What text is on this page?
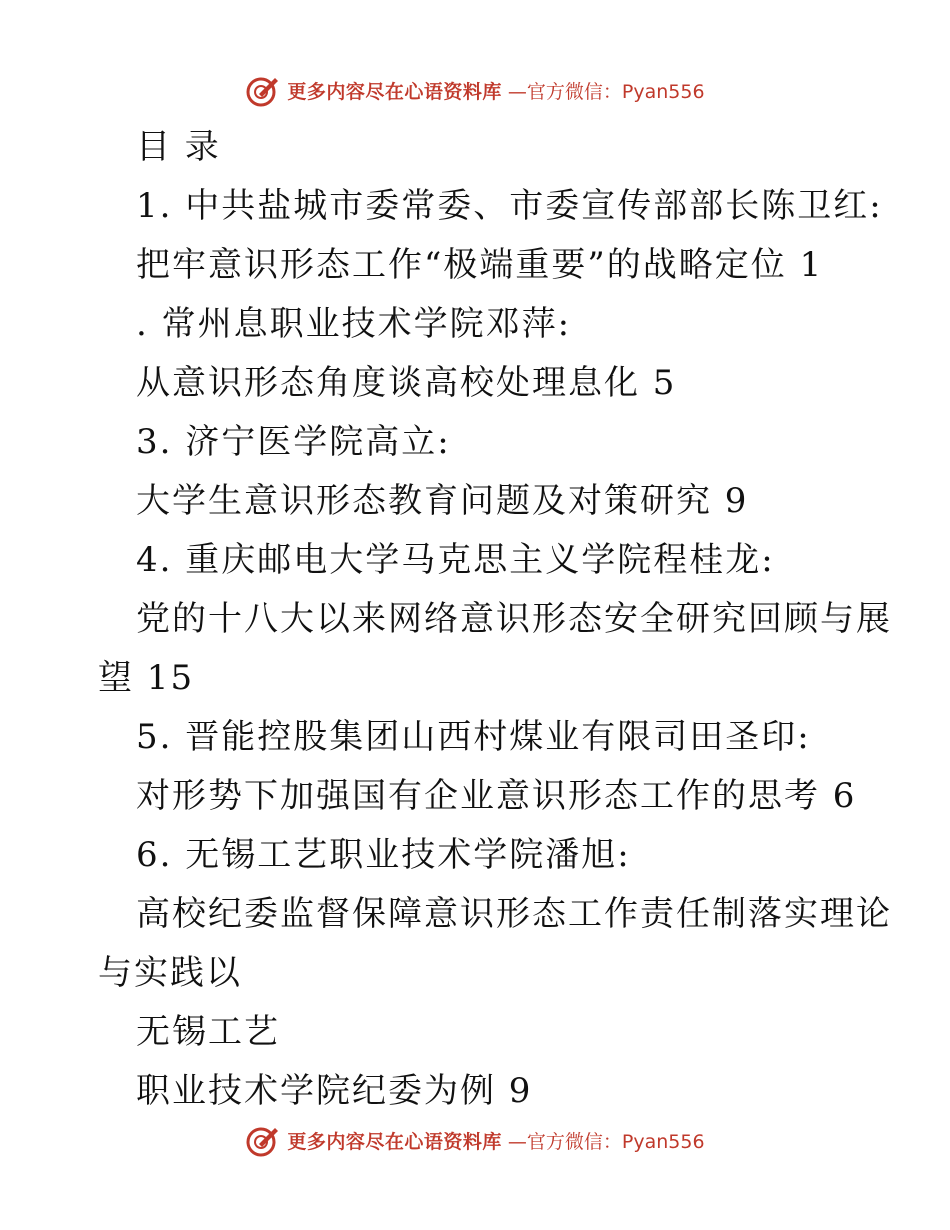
更多内容尽在心语资料库 —官方微信：Pyan556
目 录
1. 中共盐城市委常委、市委宣传部部长陈卫红:
把牢意识形态工作“极端重要”的战略定位 1
. 常州息职业技术学院邓萍:
从意识形态角度谈高校处理息化 5
3. 济宁医学院高立:
大学生意识形态教育问题及对策研究 9
4. 重庆邮电大学马克思主义学院程桂龙:
党的十八大以来网络意识形态安全研究回顾与展
望 15
5. 晋能控股集团山西村煤业有限司田圣印:
对形势下加强国有企业意识形态工作的思考 6
6. 无锡工艺职业技术学院潘旭:
高校纪委监督保障意识形态工作责任制落实理论
与实践以
无锡工艺
职业技术学院纪委为例 9
更多内容尽在心语资料库 —官方微信：Pyan556
